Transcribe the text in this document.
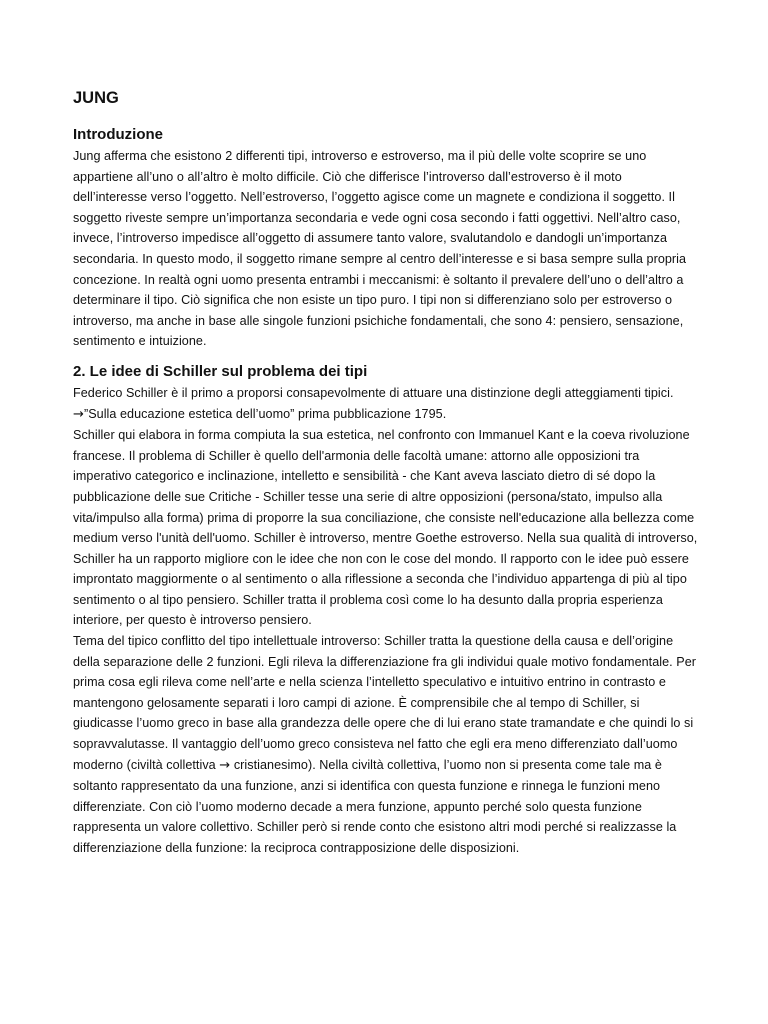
JUNG
Introduzione

Jung afferma che esistono 2 differenti tipi, introverso e estroverso, ma il più delle volte scoprire se uno appartiene all’uno o all’altro è molto difficile. Ciò che differisce l’introverso dall’estroverso è il moto dell’interesse verso l’oggetto. Nell’estroverso, l’oggetto agisce come un magnete e condiziona il soggetto. Il soggetto riveste sempre un’importanza secondaria e vede ogni cosa secondo i fatti oggettivi. Nell’altro caso, invece, l’introverso impedisce all’oggetto di assumere tanto valore, svalutandolo e dandogli un’importanza secondaria. In questo modo, il soggetto rimane sempre al centro dell’interesse e si basa sempre sulla propria concezione. In realtà ogni uomo presenta entrambi i meccanismi: è soltanto il prevalere dell’uno o dell’altro a determinare il tipo. Ciò significa che non esiste un tipo puro. I tipi non si differenziano solo per estroverso o introverso, ma anche in base alle singole funzioni psichiche fondamentali, che sono 4: pensiero, sensazione, sentimento e intuizione.

2. Le idee di Schiller sul problema dei tipi

Federico Schiller è il primo a proporsi consapevolmente di attuare una distinzione degli atteggiamenti tipici. →”Sulla educazione estetica dell’uomo” prima pubblicazione 1795.

Schiller qui elabora in forma compiuta la sua estetica, nel confronto con Immanuel Kant e la coeva rivoluzione francese. Il problema di Schiller è quello dell'armonia delle facoltà umane: attorno alle opposizioni tra imperativo categorico e inclinazione, intelletto e sensibilità - che Kant aveva lasciato dietro di sé dopo la pubblicazione delle sue Critiche - Schiller tesse una serie di altre opposizioni (persona/stato, impulso alla vita/impulso alla forma) prima di proporre la sua conciliazione, che consiste nell'educazione alla bellezza come medium verso l'unità dell'uomo. Schiller è introverso, mentre Goethe estroverso. Nella sua qualità di introverso, Schiller ha un rapporto migliore con le idee che non con le cose del mondo. Il rapporto con le idee può essere improntato maggiormente o al sentimento o alla riflessione a seconda che l’individuo appartenga di più al tipo sentimento o al tipo pensiero. Schiller tratta il problema così come lo ha desunto dalla propria esperienza interiore, per questo è introverso pensiero.

Tema del tipico conflitto del tipo intellettuale introverso: Schiller tratta la questione della causa e dell’origine della separazione delle 2 funzioni. Egli rileva la differenziazione fra gli individui quale motivo fondamentale. Per prima cosa egli rileva come nell’arte e nella scienza l’intelletto speculativo e intuitivo entrino in contrasto e mantengono gelosamente separati i loro campi di azione. È comprensibile che al tempo di Schiller, si giudicasse l’uomo greco in base alla grandezza delle opere che di lui erano state tramandate e che quindi lo si sopravvalutasse. Il vantaggio dell’uomo greco consisteva nel fatto che egli era meno differenziato dall’uomo moderno (civiltà collettiva → cristianesimo). Nella civiltà collettiva, l’uomo non si presenta come tale ma è soltanto rappresentato da una funzione, anzi si identifica con questa funzione e rinnega le funzioni meno differenziate. Con ciò l’uomo moderno decade a mera funzione, appunto perché solo questa funzione rappresenta un valore collettivo. Schiller però si rende conto che esistono altri modi perché si realizzasse la differenziazione della funzione: la reciproca contrapposizione delle disposizioni.
